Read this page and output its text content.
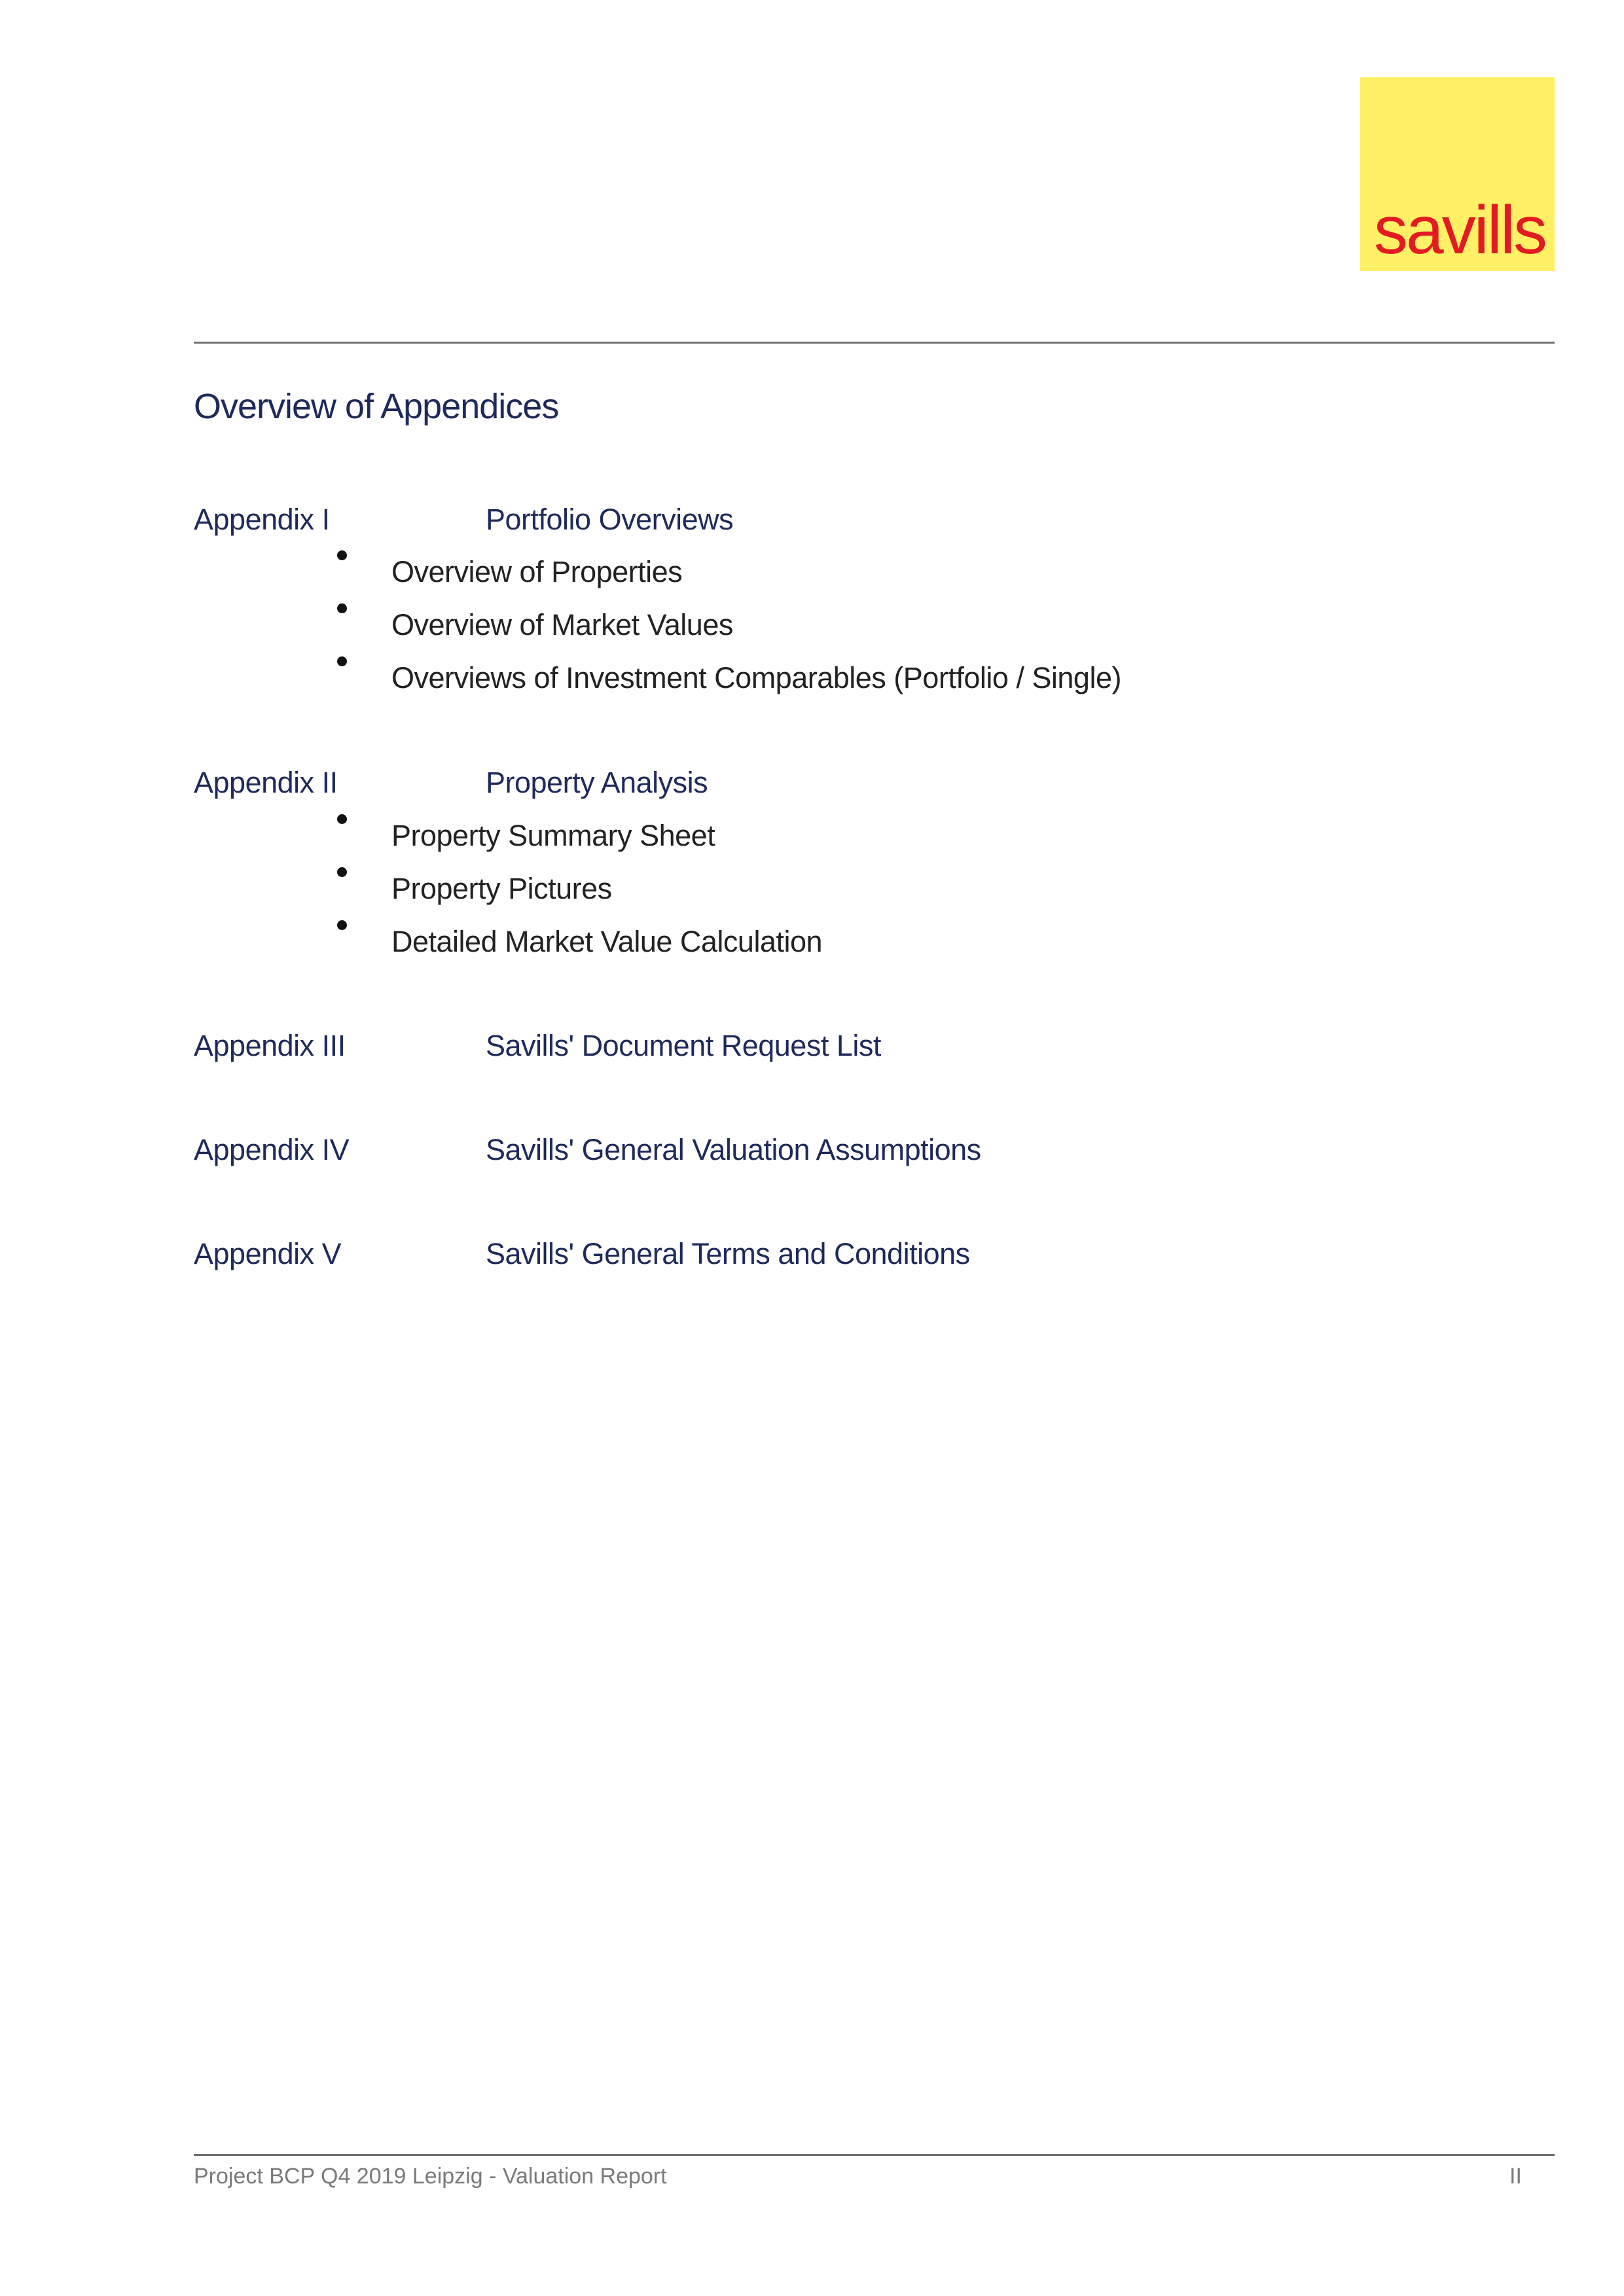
savills
Overview of Appendices
Appendix I	Portfolio Overviews
Overview of Properties
Overview of Market Values
Overviews of Investment Comparables (Portfolio / Single)
Appendix II	Property Analysis
Property Summary Sheet
Property Pictures
Detailed Market Value Calculation
Appendix III	Savills' Document Request List
Appendix IV	Savills' General Valuation Assumptions
Appendix V	Savills' General Terms and Conditions
Project BCP Q4 2019 Leipzig - Valuation Report	II
